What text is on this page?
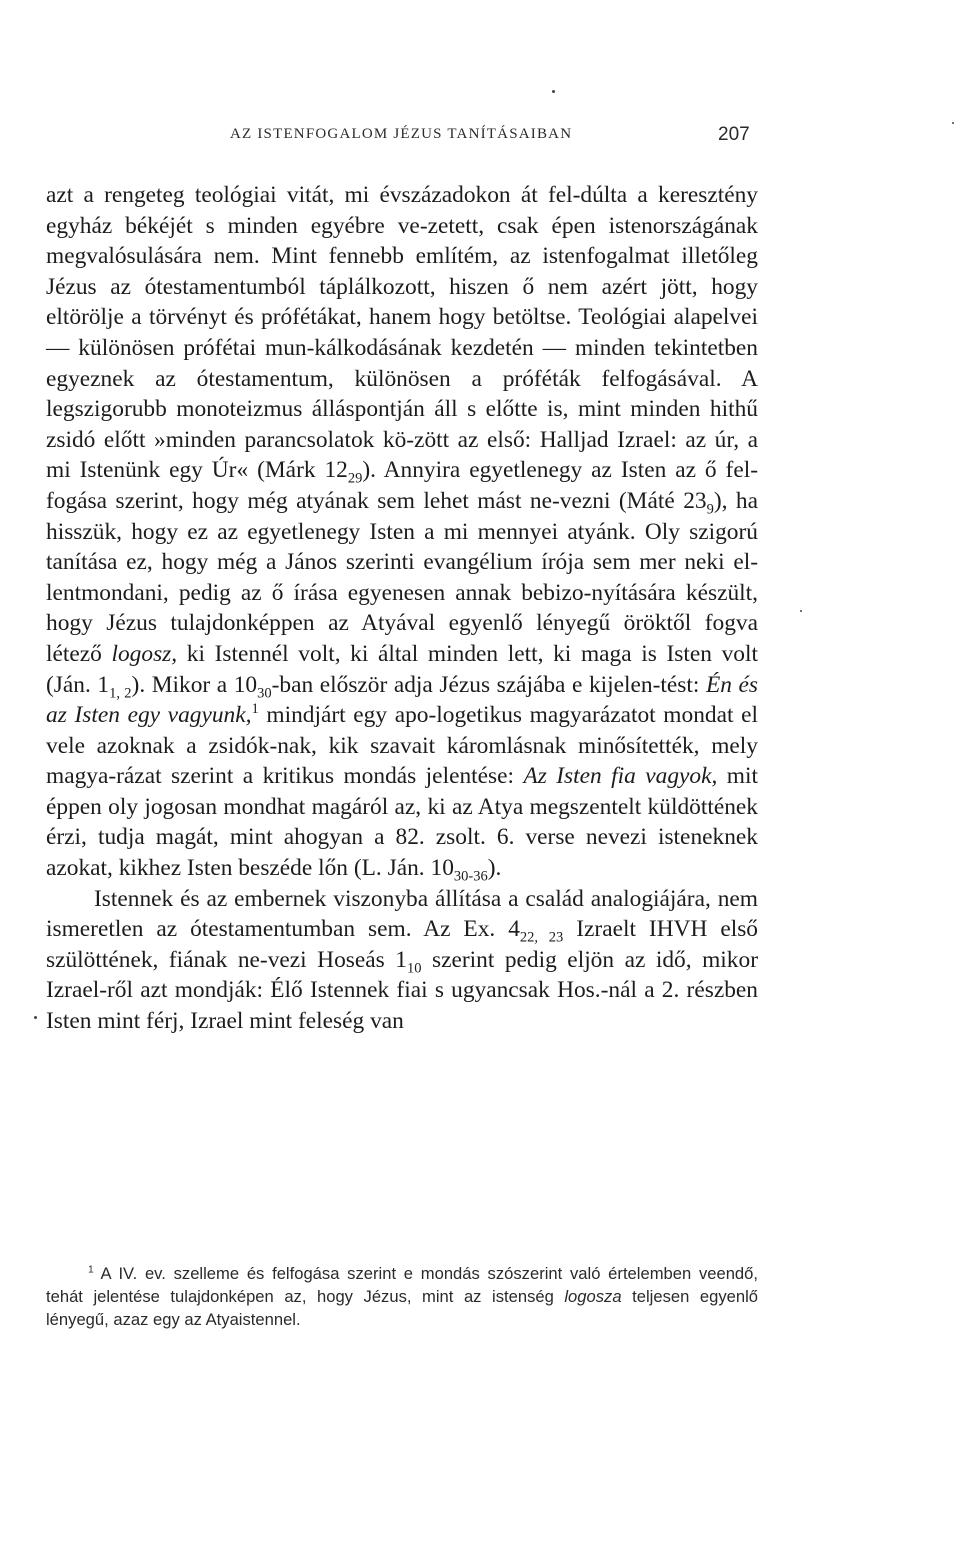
AZ ISTENFOGALOM JÉZUS TANÍTÁSAIBAN	207

azt a rengeteg teológiai vitát, mi évszázadokon át fel-dúlta a keresztény egyház békéjét s minden egyébre ve-zetett, csak épen istenországának megvalósulására nem. Mint fennebb említém, az istenfogalmat illetőleg Jézus az ótestamentumból táplálkozott, hiszen ő nem azért jött, hogy eltörölje a törvényt és prófétákat, hanem hogy betöltse. Teológiai alapelvei — különösen prófétai mun-kálkodásának kezdetén — minden tekintetben egyeznek az ótestamentum, különösen a próféták felfogásával. A legszigorubb monoteizmus álláspontján áll s előtte is, mint minden hithű zsidó előtt »minden parancsolatok kö-zött az első: Halljad Izrael: az úr, a mi Istenünk egy Úr« (Márk $12_{29}$). Annyira egyetlenegy az Isten az ő fel-fogása szerint, hogy még atyának sem lehet mást ne-vezni (Máté $23_9$), ha hisszük, hogy ez az egyetlenegy Isten a mi mennyei atyánk. Oly szigorú tanítása ez, hogy még a János szerinti evangélium írója sem mer neki el-lentmondani, pedig az ő írása egyenesen annak bebizo-nyítására készült, hogy Jézus tulajdonképpen az Atyával egyenlő lényegű öröktől fogva létező logosz, ki Istennél volt, ki által minden lett, ki maga is Isten volt (Ján. $1_{1, 2}$). Mikor a $10_{30}$-ban először adja Jézus szájába e kijelen-tést: Én és az Isten egy vagyunk,$^1$ mindjárt egy apo-logetikus magyarázatot mondat el vele azoknak a zsidók-nak, kik szavait káromlásnak minősítették, mely magya-rázat szerint a kritikus mondás jelentése: Az Isten fia vagyok, mit éppen oly jogosan mondhat magáról az, ki az Atya megszentelt küldöttének érzi, tudja magát, mint ahogyan a 82. zsolt. 6. verse nevezi isteneknek azokat, kikhez Isten beszéde lőn (L. Ján. $10_{30-36}$).

Istennek és az embernek viszonyba állítása a család analogiájára, nem ismeretlen az ótestamentumban sem. Az Ex. $4_{22, 23}$ Izraelt IHVH első szülöttének, fiának ne-vezi Hoseás $1_{10}$ szerint pedig eljön az idő, mikor Izrael-ről azt mondják: Élő Istennek fiai s ugyancsak Hos.-nál a 2. részben Isten mint férj, Izrael mint feleség van

$^1$ A IV. ev. szelleme és felfogása szerint e mondás szószerint való értelemben veendő, tehát jelentése tulajdonképen az, hogy Jézus, mint az istenség logosza teljesen egyenlő lényegű, azaz egy az Atyaistennel.
